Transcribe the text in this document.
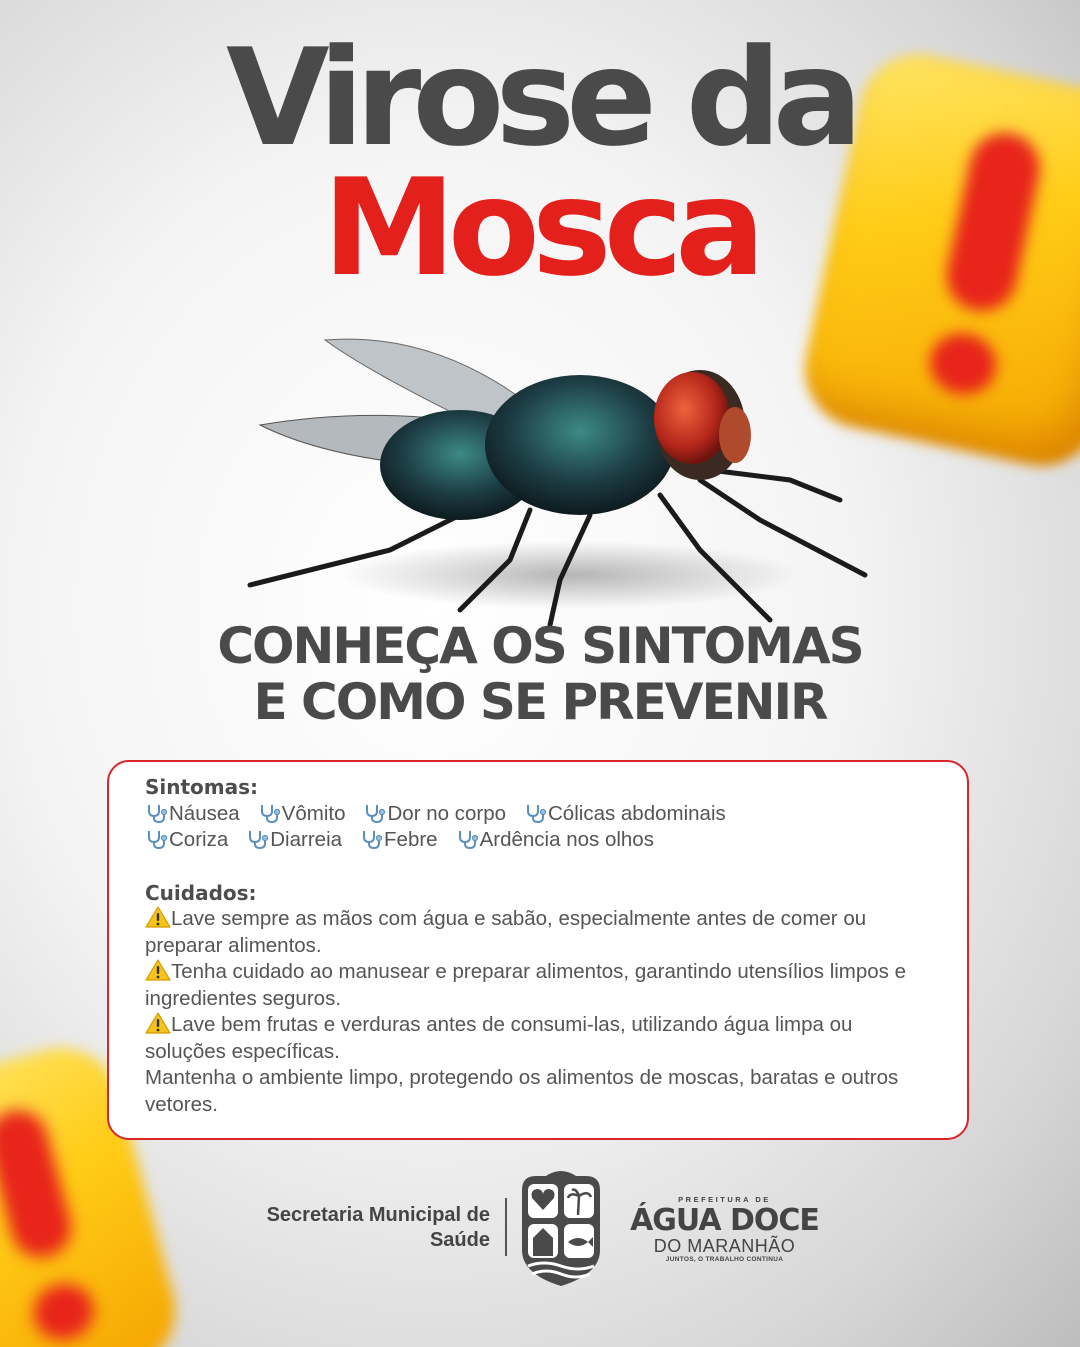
Virose da
Mosca
CONHEÇA OS SINTOMAS
E COMO SE PREVENIR
Sintomas:
Náusea Vômito Dor no corpo Cólicas abdominais
Coriza Diarreia Febre Ardência nos olhos
Cuidados:
Lave sempre as mãos com água e sabão, especialmente antes de comer ou preparar alimentos.
Tenha cuidado ao manusear e preparar alimentos, garantindo utensílios limpos e ingredientes seguros.
Lave bem frutas e verduras antes de consumi-las, utilizando água limpa ou soluções específicas.
Mantenha o ambiente limpo, protegendo os alimentos de moscas, baratas e outros vetores.
Secretaria Municipal de
Saúde
PREFEITURA DE
ÁGUA DOCE
DO MARANHÃO
JUNTOS, O TRABALHO CONTINUA
